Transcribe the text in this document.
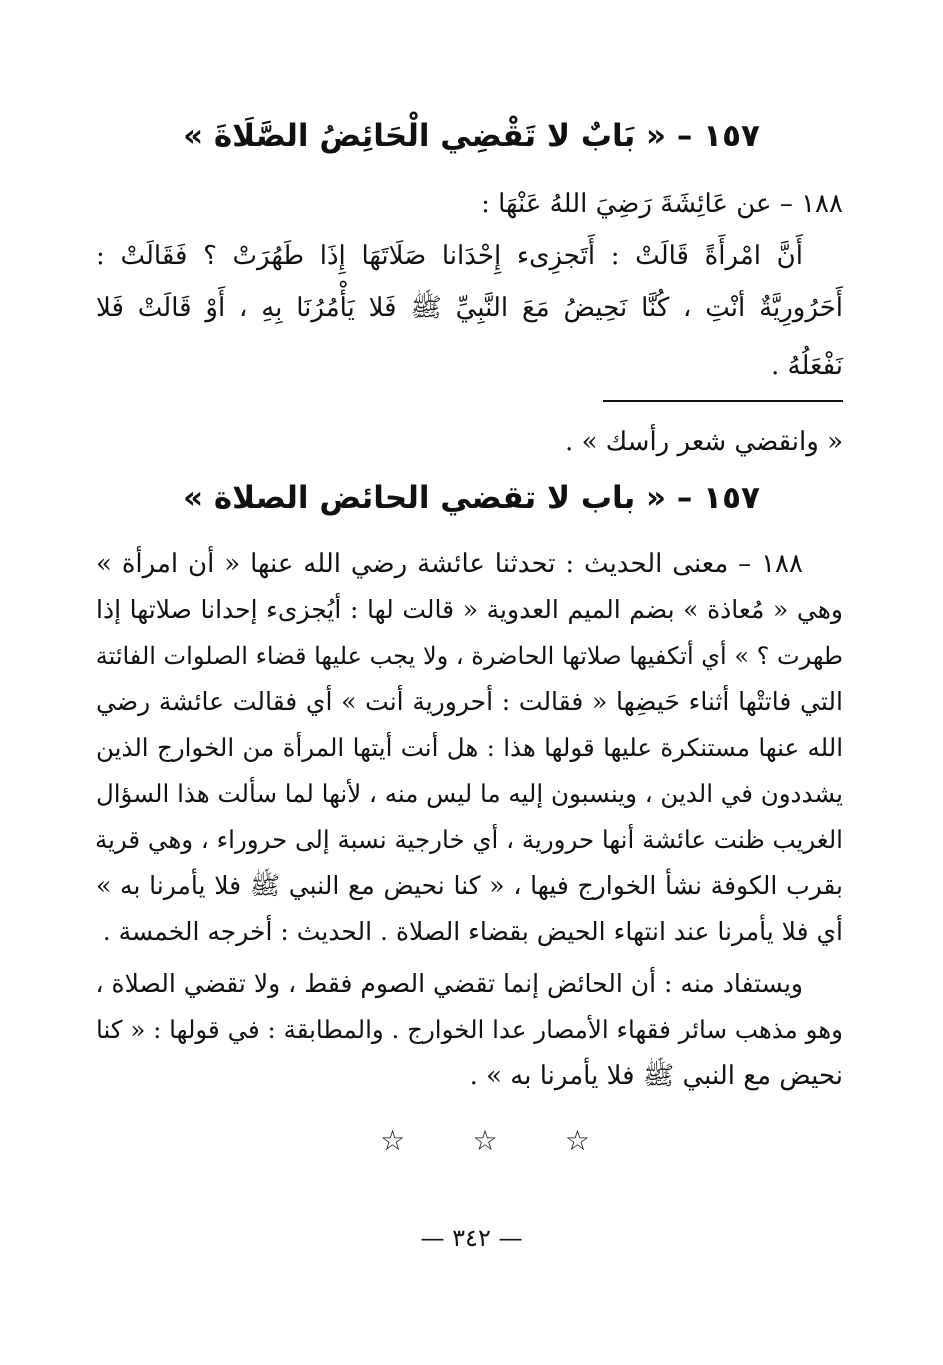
١٥٧ – « بَابٌ لا تَقْضِي الْحَائِضُ الصَّلَاةَ »
١٨٨ – عن عَائِشَةَ رَضِيَ اللهُ عَنْهَا :
أَنَّ امْرأَةً قَالَتْ : أَتَجزِىء إِحْدَانا صَلَاتَهَا إِذَا طَهُرَتْ ؟ فَقَالَتْ :
أَحَرُورِيَّةٌ أنْتِ ، كُنَّا نَحِيضُ مَعَ النَّبِيِّ ﷺ فَلا يَأْمُرُنَا بِهِ ، أَوْ قَالَتْ فَلا
نَفْعَلُهُ .
« وانقضي شعر رأسك » .
١٥٧ – « باب لا تقضي الحائض الصلاة »
١٨٨ – معنى الحديث : تحدثنا عائشة رضي الله عنها « أن امرأة »
وهي « مُعاذة » بضم الميم العدوية « قالت لها : أيُجزىء إحدانا صلاتها إذا
طهرت ؟ » أي أتكفيها صلاتها الحاضرة ، ولا يجب عليها قضاء الصلوات الفائتة
التي فاتتْها أثناء حَيضِها « فقالت : أحرورية أنت » أي فقالت عائشة رضي
الله عنها مستنكرة عليها قولها هذا : هل أنت أيتها المرأة من الخوارج الذين
يشددون في الدين ، وينسبون إليه ما ليس منه ، لأنها لما سألت هذا السؤال
الغريب ظنت عائشة أنها حرورية ، أي خارجية نسبة إلى حروراء ، وهي قرية
بقرب الكوفة نشأ الخوارج فيها ، « كنا نحيض مع النبي ﷺ فلا يأمرنا به »
أي فلا يأمرنا عند انتهاء الحيض بقضاء الصلاة . الحديث : أخرجه الخمسة .
ويستفاد منه : أن الحائض إنما تقضي الصوم فقط ، ولا تقضي الصلاة ،
وهو مذهب سائر فقهاء الأمصار عدا الخوارج . والمطابقة : في قولها : « كنا
نحيض مع النبي ﷺ فلا يأمرنا به » .
☆
☆
☆
— ٣٤٢ —
